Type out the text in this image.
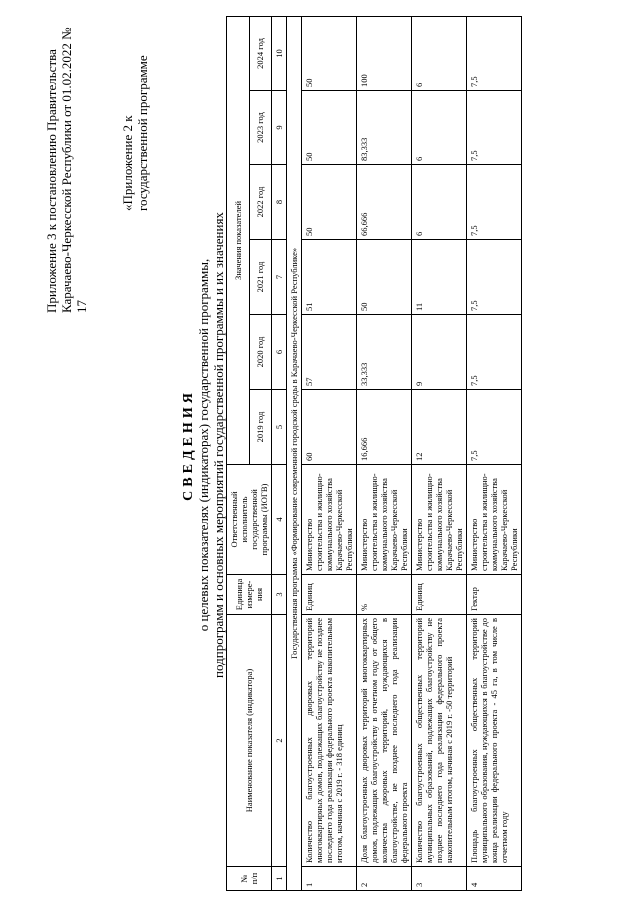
Приложение 3 к постановлению Правительства Карачаево-Черкесской Республики от 01.02.2022 № 17
«Приложение 2 к государственной программе
СВЕДЕНИЯ о целевых показателях (индикаторах) государственной программы, подпрограмм и основных мероприятий государственной программы и их значениях
№ п/п	Наименование показателя (индикатора)	Единица измере-ния	Ответственный исполнитель государственной программы (ИОГВ)	Значения показателей					
				2019 год	2020 год	2021 год	2022 год	2023 год	2024 год
1	2	3	4	5	6	7	8	9	10
Государственная программа «Формирование современной городской среды в Карачаево-Черкесской Республике»									
1	Количество благоустроенных дворовых территорий многоквартирных домов, подлежащих благоустройству не позднее последнего года реализации федерального проекта накопительным итогом, начиная с 2019 г. - 318 единиц	Единиц	Министерство строительства и жилищно-коммунального хозяйства Карачаево-Черкесской Республики	60	57	51	50	50	50
2	Доля благоустроенных дворовых территорий многоквартирных домов, подлежащих благоустройству в отчетном году от общего количества дворовых территорий, нуждающихся в благоустройстве, не позднее последнего года реализации федерального проекта	%	Министерство строительства и жилищно-коммунального хозяйства Карачаево-Черкесской Республики	16,666	33,333	50	66,666	83,333	100
3	Количество благоустроенных общественных территорий муниципальных образований, подлежащих благоустройству не позднее последнего года реализации федерального проекта накопительным итогом, начиная с 2019 г. -50 территорий	Единиц	Министерство строительства и жилищно-коммунального хозяйства Карачаево-Черкесской Республики	12	9	11	6	6	6
4	Площадь благоустроенных общественных территорий муниципального образования, нуждающихся в благоустройстве до конца реализации федерального проекта - 45 га, в том числе в отчетном году	Гектар	Министерство строительства и жилищно-коммунального хозяйства Карачаево-Черкесской Республики	7,5	7,5	7,5	7,5	7,5	7,5
